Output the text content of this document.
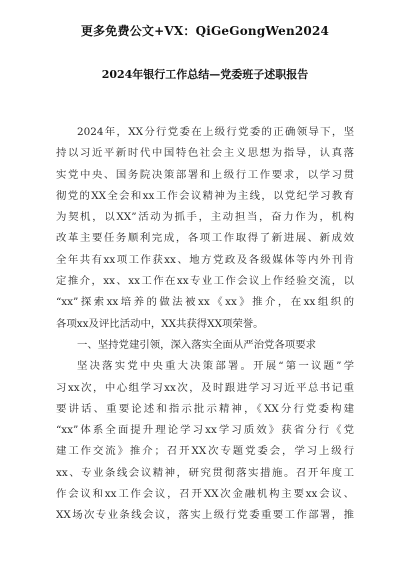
更多免费公文+VX：QiGeGongWen2024
2024年银行工作总结—党委班子述职报告
2024年，XX分行党委在上级行党委的正确领导下，坚
持以习近平新时代中国特色社会主义思想为指导，认真落
实党中央、国务院决策部署和上级行工作要求，以学习贯
彻党的XX全会和xx工作会议精神为主线，以党纪学习教育
为契机，以XX”活动为抓手，主动担当，奋力作为，机构
改革主要任务顺利完成，各项工作取得了新进展、新成效
全年共有xx项工作获xx、地方党政及各级媒体等内外刊肯
定推介，xx、xx工作在xx专业工作会议上作经验交流，以
“xx”探索xx培养的做法被xx《xx》推介，在xx组织的
各项xx及评比活动中，XX共获得XX项荣誉。
一、坚持党建引领，深入落实全面从严治党各项要求
坚决落实党中央重大决策部署。开展“第一议题”学
习xx次，中心组学习xx次，及时跟进学习习近平总书记重
要讲话、重要论述和指示批示精神，《XX分行党委构建
“xx”体系全面提升理论学习xx学习质效》获省分行《党
建工作交流》推介；召开XX次专题党委会，学习上级行
xx、专业条线会议精神，研究贯彻落实措施。召开年度工
作会议和xx工作会议，召开XX次金融机构主要xx会议、
XX场次专业条线会议，落实上级行党委重要工作部署，推
